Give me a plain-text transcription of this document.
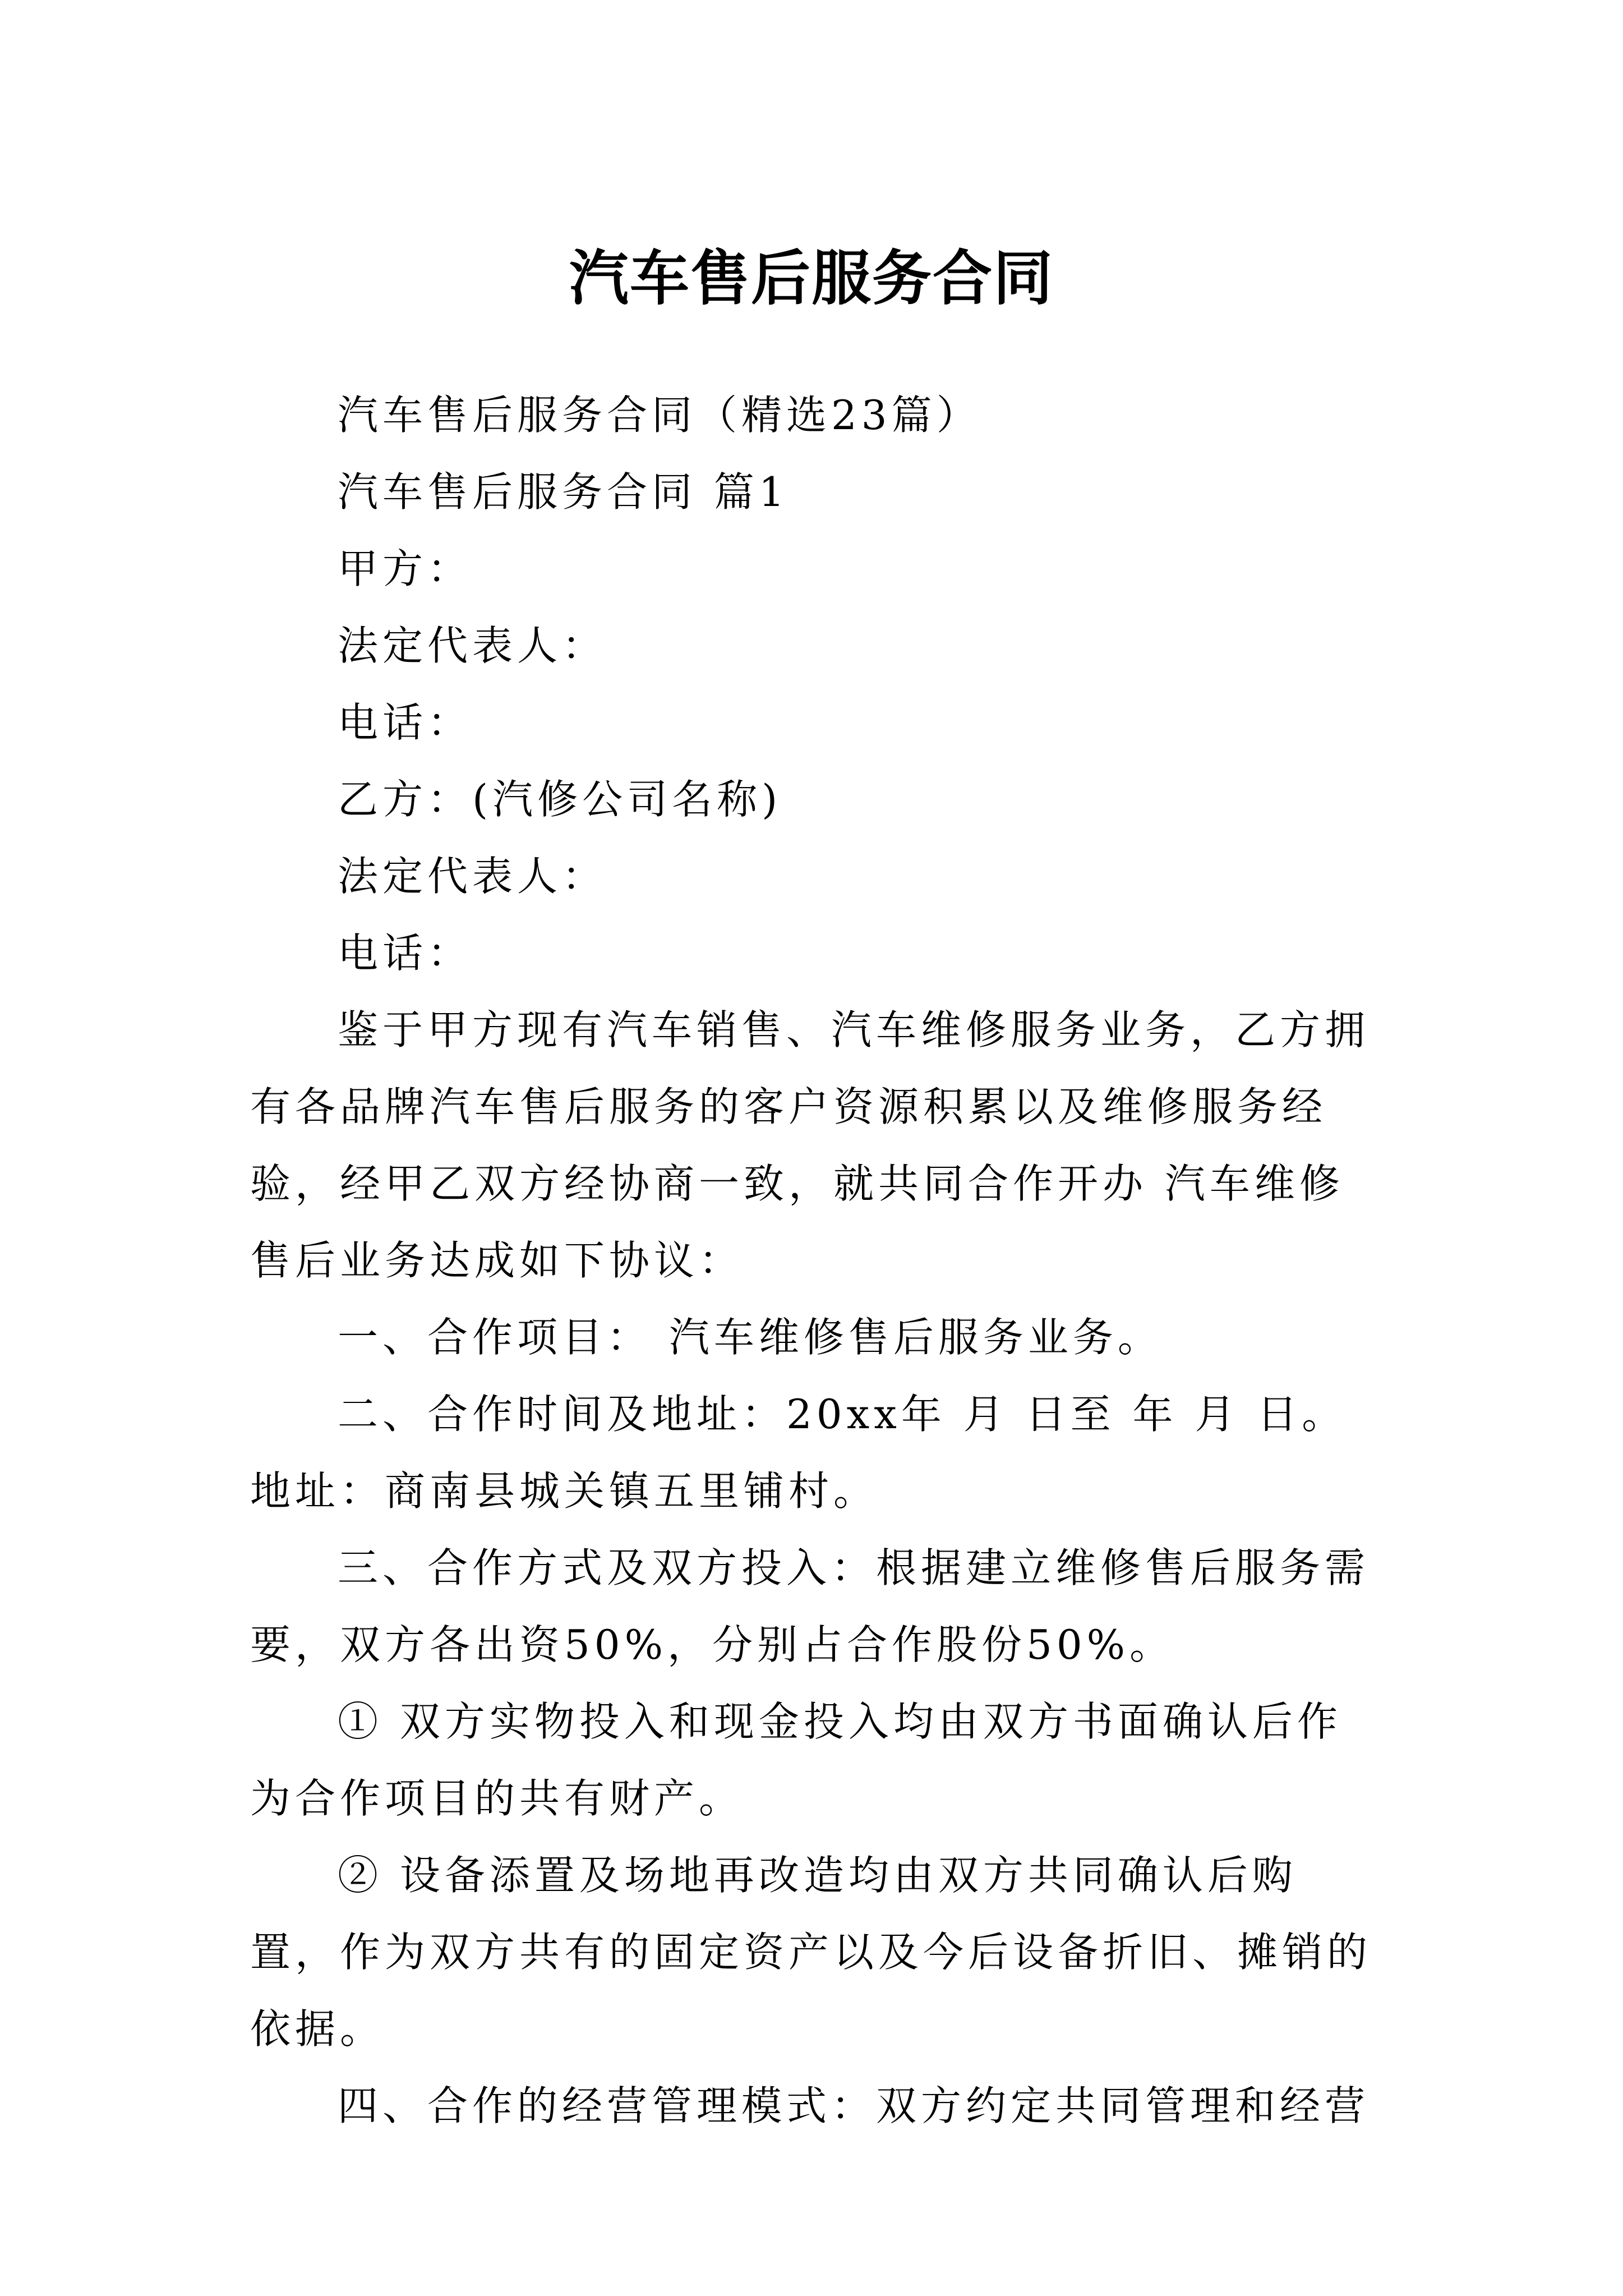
汽车售后服务合同

汽车售后服务合同（精选23篇）

汽车售后服务合同 篇1

甲方：

法定代表人：

电话：

乙方：(汽修公司名称)

法定代表人：

电话：

鉴于甲方现有汽车销售、汽车维修服务业务，乙方拥有各品牌汽车售后服务的客户资源积累以及维修服务经验，经甲乙双方经协商一致，就共同合作开办 汽车维修售后业务达成如下协议：

一、合作项目： 汽车维修售后服务业务。

二、合作时间及地址：20xx年 月 日至 年 月 日。地址：商南县城关镇五里铺村。

三、合作方式及双方投入：根据建立维修售后服务需要，双方各出资50%，分别占合作股份50%。

① 双方实物投入和现金投入均由双方书面确认后作为合作项目的共有财产。

② 设备添置及场地再改造均由双方共同确认后购置，作为双方共有的固定资产以及今后设备折旧、摊销的依据。

四、合作的经营管理模式：双方约定共同管理和经营
